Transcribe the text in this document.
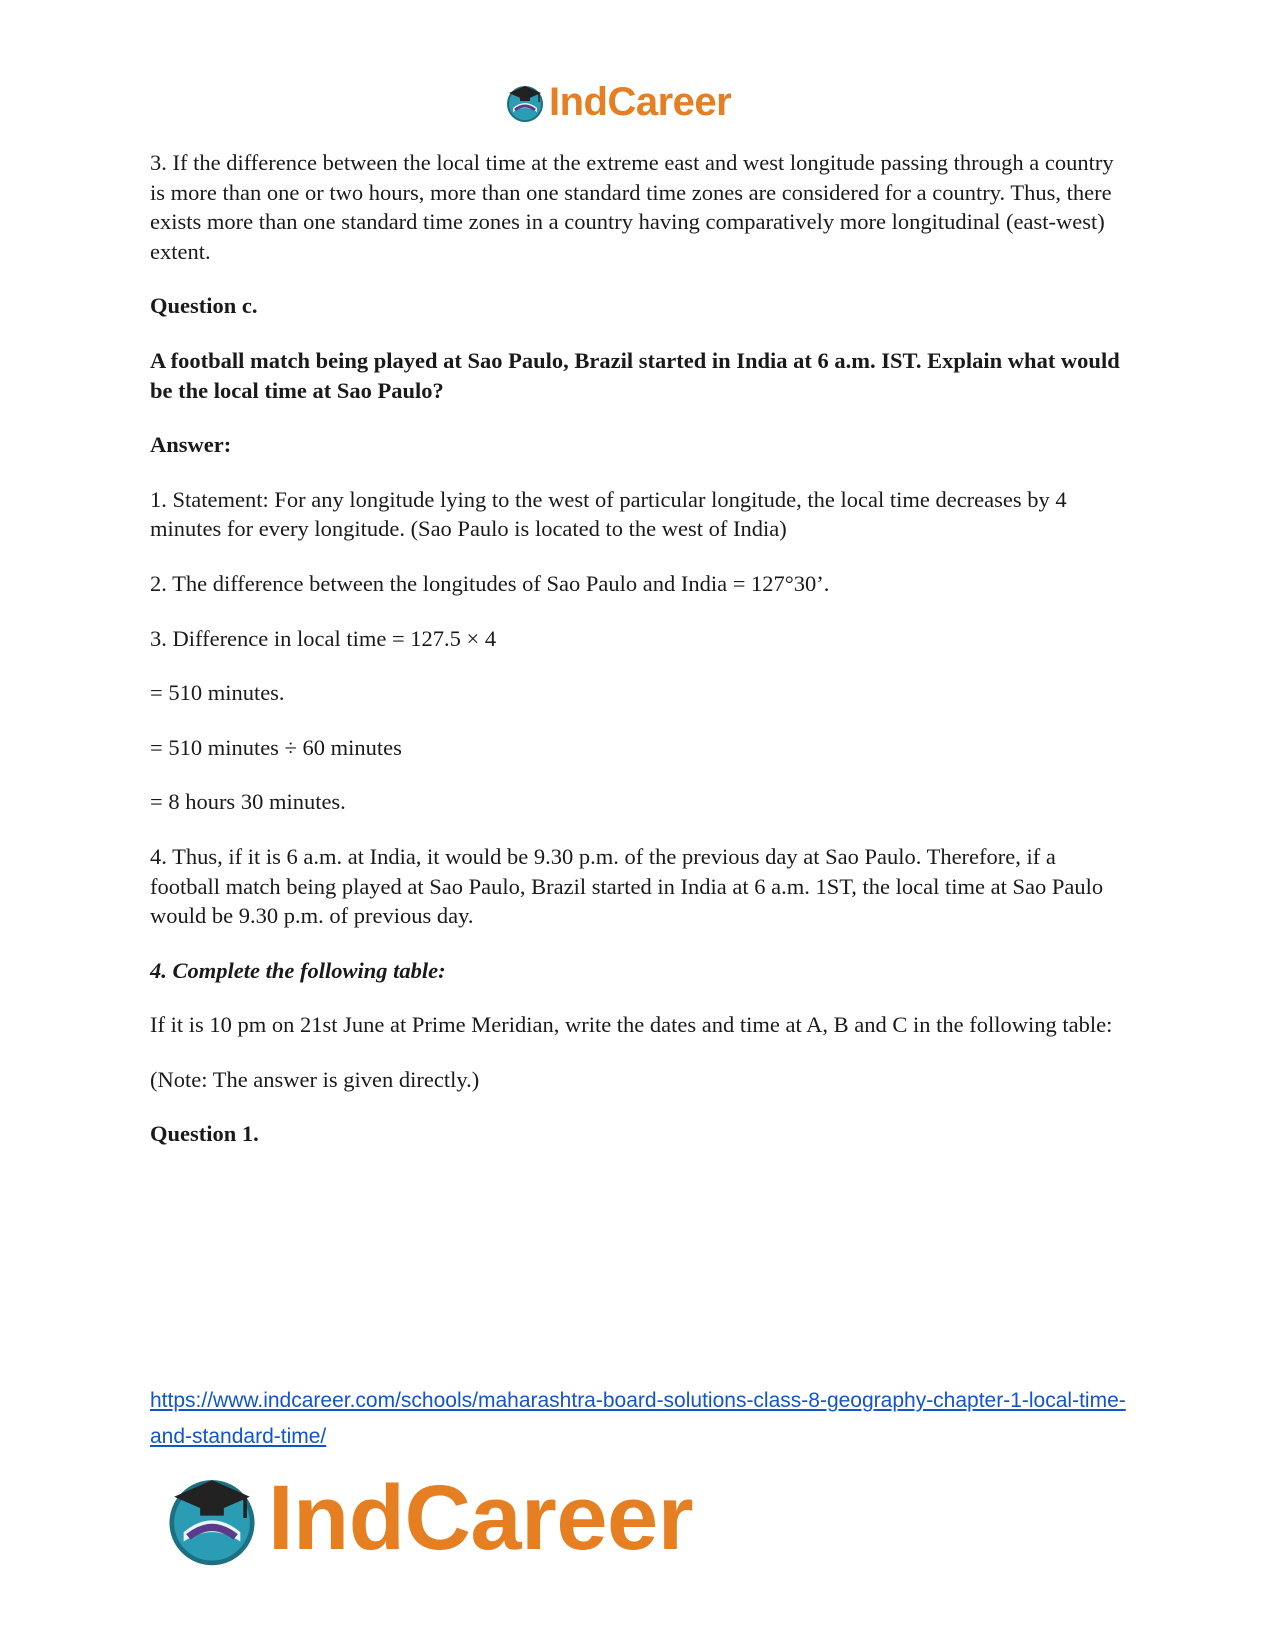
IndCareer

3. If the difference between the local time at the extreme east and west longitude passing through a country is more than one or two hours, more than one standard time zones are considered for a country. Thus, there exists more than one standard time zones in a country having comparatively more longitudinal (east-west) extent.

Question c.

A football match being played at Sao Paulo, Brazil started in India at 6 a.m. IST. Explain what would be the local time at Sao Paulo?

Answer:

1. Statement: For any longitude lying to the west of particular longitude, the local time decreases by 4 minutes for every longitude. (Sao Paulo is located to the west of India)

2. The difference between the longitudes of Sao Paulo and India = 127°30’.

3. Difference in local time = 127.5 × 4

= 510 minutes.

= 510 minutes ÷ 60 minutes

= 8 hours 30 minutes.

4. Thus, if it is 6 a.m. at India, it would be 9.30 p.m. of the previous day at Sao Paulo. Therefore, if a football match being played at Sao Paulo, Brazil started in India at 6 a.m. 1ST, the local time at Sao Paulo would be 9.30 p.m. of previous day.

4. Complete the following table:

If it is 10 pm on 21st June at Prime Meridian, write the dates and time at A, B and C in the following table:

(Note: The answer is given directly.)

Question 1.

https://www.indcareer.com/schools/maharashtra-board-solutions-class-8-geography-chapter-1-local-time-and-standard-time/
IndCareer
